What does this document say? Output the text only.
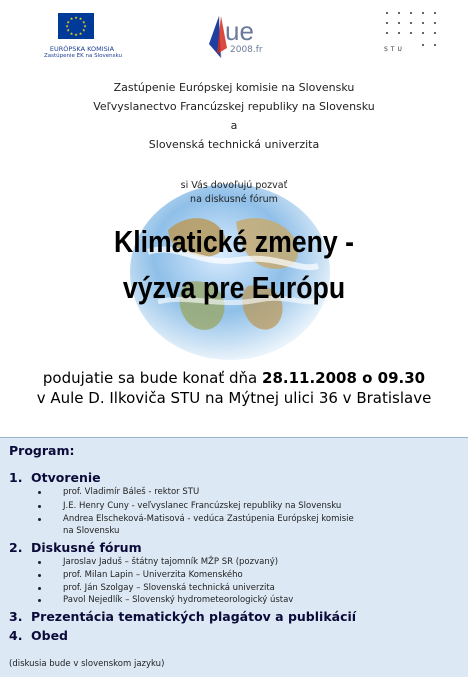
★ ★
★
★
★
★
★
★
★
★
★
★
EURÓPSKA KOMISIA
Zastúpenie EK na Slovensku
ue
2008.fr	STU
Zastúpenie Európskej komisie na Slovensku
Veľvyslanectvo Francúzskej republiky na Slovensku
a
Slovenská technická univerzita
si Vás dovoľujú pozvať
na diskusné fórum
Klimatické zmeny -
výzva pre Európu
podujatie sa bude konať dňa 28.11.2008 o 09.30
v Aule D. Ilkoviča STU na Mýtnej ulici 36 v Bratislave
Program:
1. Otvorenie
prof. Vladimír Báleš - rektor STU
J.E. Henry Cuny - veľvyslanec Francúzskej republiky na Slovensku
Andrea Elscheková-Matisová - vedúca Zastúpenia Európskej komisie
na Slovensku
2. Diskusné fórum
Jaroslav Jaduš – štátny tajomník MŽP SR (pozvaný)
prof. Milan Lapin – Univerzita Komenského
prof. Ján Szolgay – Slovenská technická univerzita
Pavol Nejedlík – Slovenský hydrometeorologický ústav
3. Prezentácia tematických plagátov a publikácií
4. Obed
(diskusia bude v slovenskom jazyku)
